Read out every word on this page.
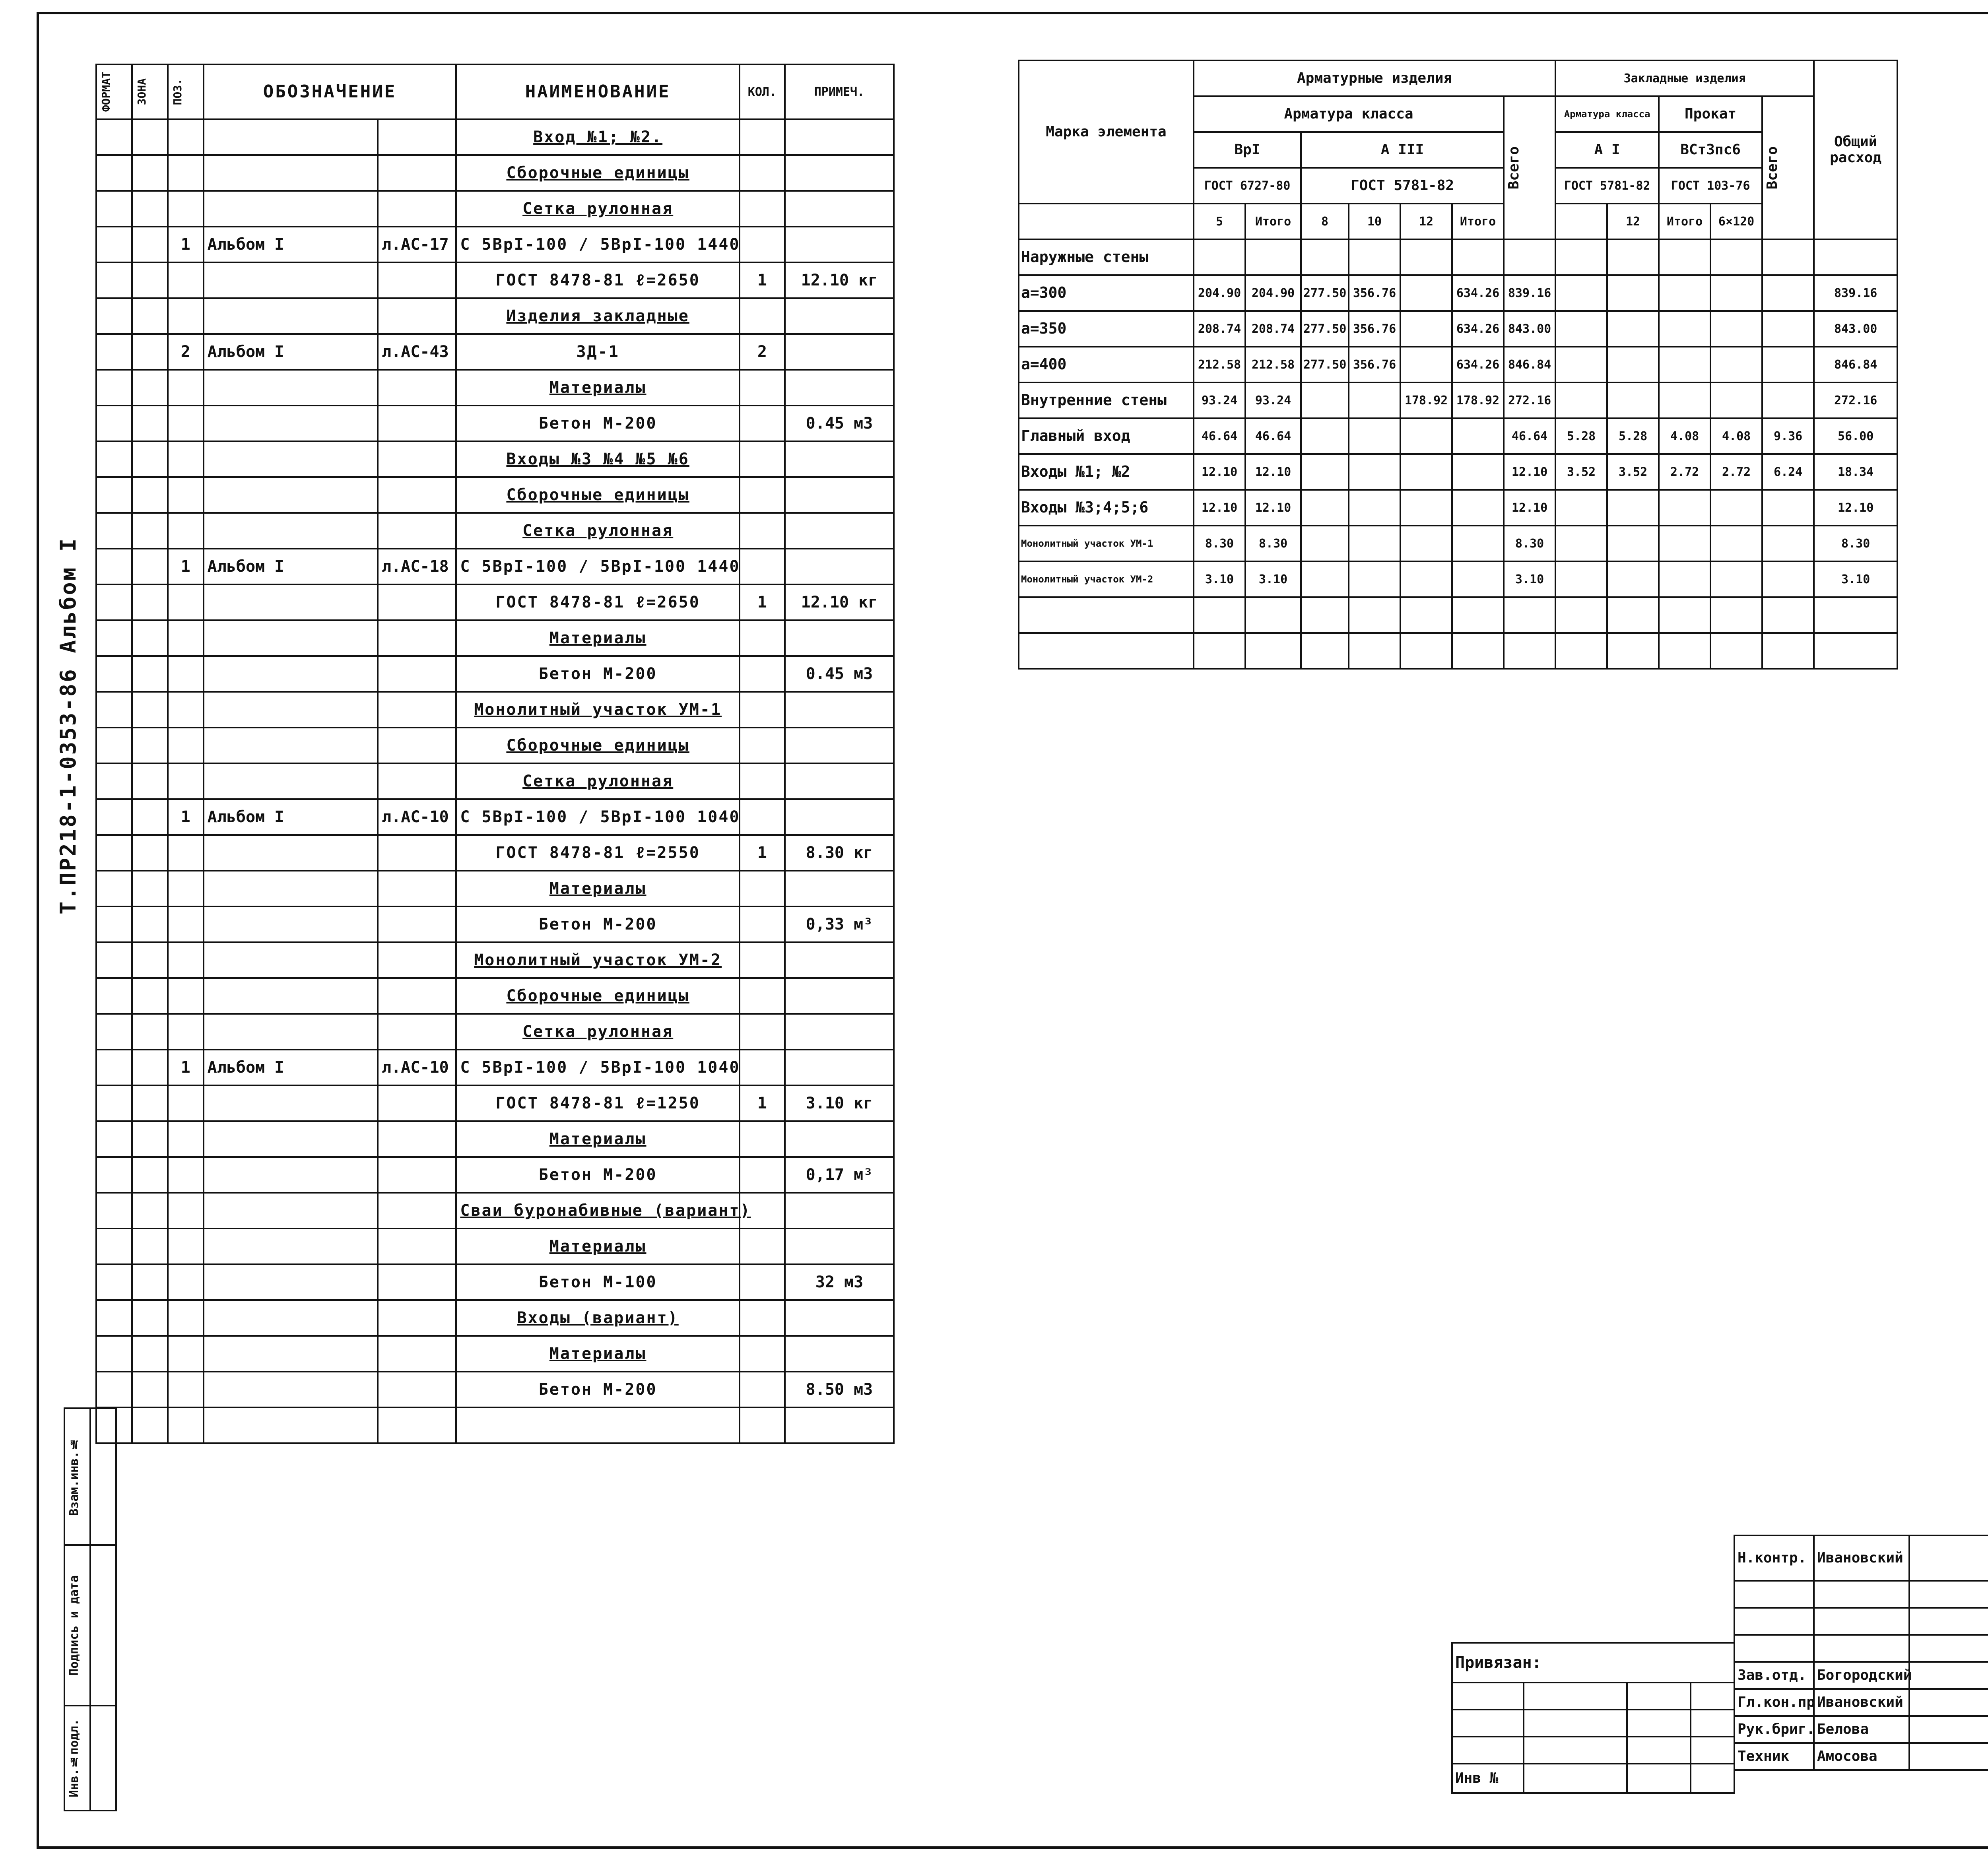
Т.ПР218-1-0353-86 Альбом I
ФОРМАТ	ЗОНА	ПОЗ.	ОБОЗНАЧЕНИЕ		НАИМЕНОВАНИЕ	КОЛ.	ПРИМЕЧ.
					Вход №1; №2.		
					Сборочные единицы		
					Сетка рулонная		
		1	Альбом I	л.АС-17	С 5ВрI-100 / 5ВрI-100 1440		
					ГОСТ 8478-81 ℓ=2650	1	12.10 кг
					Изделия закладные		
		2	Альбом I	л.АС-43	ЗД-1	2	
					Материалы		
					Бетон М-200		0.45 м3
					Входы №3 №4 №5 №6		
					Сборочные единицы		
					Сетка рулонная		
		1	Альбом I	л.АС-18	С 5ВрI-100 / 5ВрI-100 1440		
					ГОСТ 8478-81 ℓ=2650	1	12.10 кг
					Материалы		
					Бетон М-200		0.45 м3
					Монолитный участок УМ-1		
					Сборочные единицы		
					Сетка рулонная		
		1	Альбом I	л.АС-10	С 5ВрI-100 / 5ВрI-100 1040		
					ГОСТ 8478-81 ℓ=2550	1	8.30 кг
					Материалы		
					Бетон М-200		0,33 м³
					Монолитный участок УМ-2		
					Сборочные единицы		
					Сетка рулонная		
		1	Альбом I	л.АС-10	С 5ВрI-100 / 5ВрI-100 1040		
					ГОСТ 8478-81 ℓ=1250	1	3.10 кг
					Материалы		
					Бетон М-200		0,17 м³
					Сваи буронабивные (вариант)		
					Материалы		
					Бетон М-100		32 м3
					Входы (вариант)		
					Материалы		
					Бетон М-200		8.50 м3

Марка элемента	Арматурные изделия							Закладные изделия					Общий расход	
	Арматура класса						Всего	Арматура класса		Прокат		Всего		

	ВрI		А III					А I		ВСт3пс6				
	ГОСТ 6727-80		ГОСТ 5781-82					ГОСТ 5781-82		ГОСТ 103-76				
	5	Итого	8	10	12	Итого			12	Итого	6×120		
Наружные стены														
a=300	204.90	204.90	277.50	356.76		634.26	839.16						839.16	
a=350	208.74	208.74	277.50	356.76		634.26	843.00						843.00	
a=400	212.58	212.58	277.50	356.76		634.26	846.84						846.84	
Внутренние стены	93.24	93.24			178.92	178.92	272.16						272.16	
Главный вход	46.64	46.64					46.64	5.28	5.28	4.08	4.08	9.36	56.00	
Входы №1; №2	12.10	12.10					12.10	3.52	3.52	2.72	2.72	6.24	18.34	
Входы №3;4;5;6	12.10	12.10					12.10						12.10	
Монолитный участок УМ-1	8.30	8.30					8.30						8.30	
Монолитный участок УМ-2	3.10	3.10					3.10						3.10	

Взам.инв.№	

Подпись и дата	

Инв.№подл.	

Привязан:			

Инв №			
Н.контр.	Ивановский		

Зав.отд.	Богородский					
Гл.кон.пр.	Ивановский				
Рук.бриг.	Белова					
Техник	Амосова					
